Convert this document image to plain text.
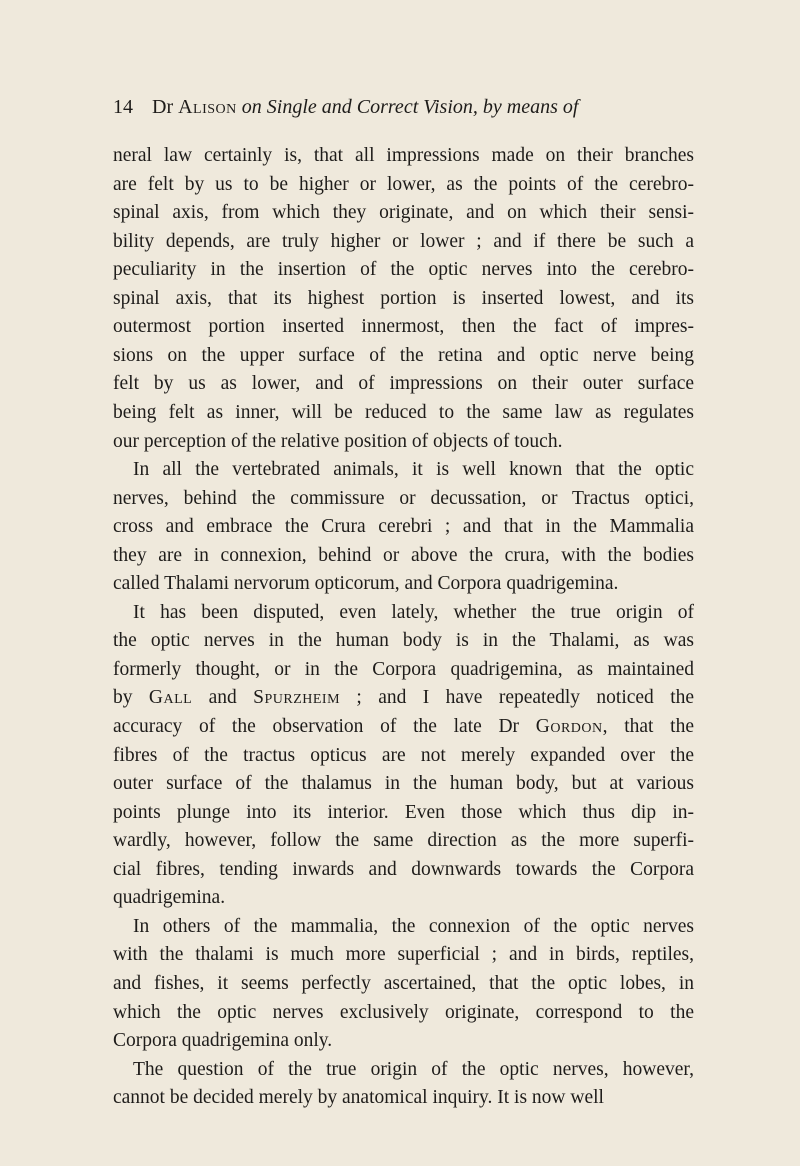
14 Dr Alison on Single and Correct Vision, by means of
neral law certainly is, that all impressions made on their branches
are felt by us to be higher or lower, as the points of the cerebro-
spinal axis, from which they originate, and on which their sensi-
bility depends, are truly higher or lower ; and if there be such a
peculiarity in the insertion of the optic nerves into the cerebro-
spinal axis, that its highest portion is inserted lowest, and its
outermost portion inserted innermost, then the fact of impres-
sions on the upper surface of the retina and optic nerve being
felt by us as lower, and of impressions on their outer surface
being felt as inner, will be reduced to the same law as regulates
our perception of the relative position of objects of touch.
In all the vertebrated animals, it is well known that the optic
nerves, behind the commissure or decussation, or Tractus optici,
cross and embrace the Crura cerebri ; and that in the Mammalia
they are in connexion, behind or above the crura, with the bodies
called Thalami nervorum opticorum, and Corpora quadrigemina.
It has been disputed, even lately, whether the true origin of
the optic nerves in the human body is in the Thalami, as was
formerly thought, or in the Corpora quadrigemina, as maintained
by Gall and Spurzheim ; and I have repeatedly noticed the
accuracy of the observation of the late Dr Gordon, that the
fibres of the tractus opticus are not merely expanded over the
outer surface of the thalamus in the human body, but at various
points plunge into its interior. Even those which thus dip in-
wardly, however, follow the same direction as the more superfi-
cial fibres, tending inwards and downwards towards the Corpora
quadrigemina.
In others of the mammalia, the connexion of the optic nerves
with the thalami is much more superficial ; and in birds, reptiles,
and fishes, it seems perfectly ascertained, that the optic lobes, in
which the optic nerves exclusively originate, correspond to the
Corpora quadrigemina only.
The question of the true origin of the optic nerves, however,
cannot be decided merely by anatomical inquiry. It is now well
